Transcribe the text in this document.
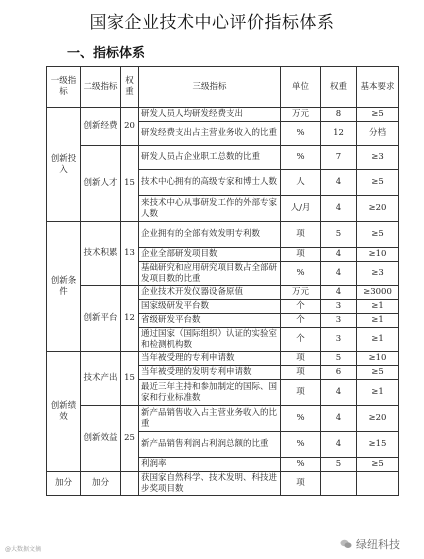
国家企业技术中心评价指标体系
一、指标体系
一级指标	二级指标	权重	三级指标	单位	权重	基本要求

创新投入	创新经费	20	研发人员人均研发经费支出	万元	8	≥5
			研发经费支出占主营业务收入的比重	%	12	分档
	创新人才	15	研发人员占企业职工总数的比重	%	7	≥3
			技术中心拥有的高级专家和博士人数	人	4	≥5
			来技术中心从事研发工作的外部专家人数	人/月	4	≥20
创新条件	技术积累	13	企业拥有的全部有效发明专利数	项	5	≥5
			企业全部研发项目数	项	4	≥10
			基础研究和应用研究项目数占全部研发项目数的比重	%	4	≥3
	创新平台	12	企业技术开发仪器设备原值	万元	4	≥3000
			国家级研发平台数	个	3	≥1
			省级研发平台数	个	3	≥1
			通过国家（国际组织）认证的实验室和检测机构数	个	3	≥1
创新绩效	技术产出	15	当年被受理的专利申请数	项	5	≥10
			当年被受理的发明专利申请数	项	6	≥5
			最近三年主持和参加制定的国际、国家和行业标准数	项	4	≥1
	创新效益	25	新产品销售收入占主营业务收入的比重	%	4	≥20
			新产品销售利润占利润总额的比重	%	4	≥15
			利润率	%	5	≥5
加分	加分		获国家自然科学、技术发明、科技进步奖项目数	项		
@大数据文摘	绿纽科技
